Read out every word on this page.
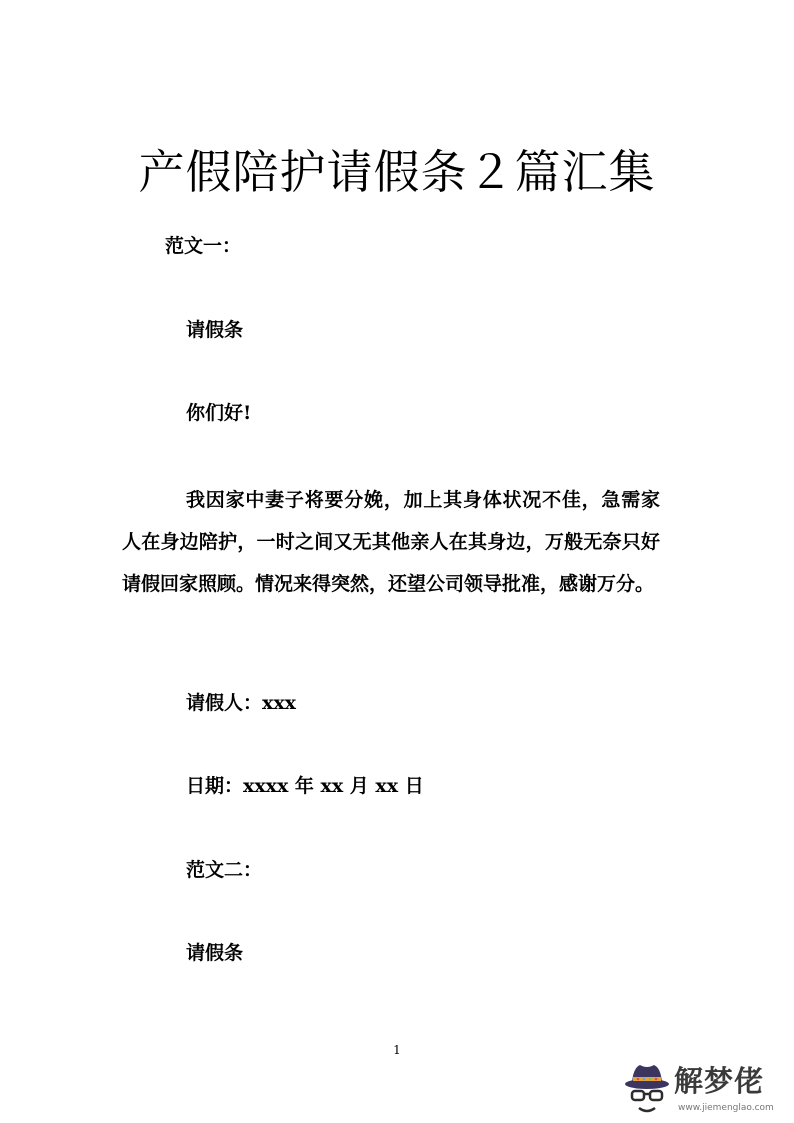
产假陪护请假条２篇汇集

范文一：

请假条

你们好!

我因家中妻子将要分娩，加上其身体状况不佳，急需家人在身边陪护，一时之间又无其他亲人在其身边，万般无奈只好请假回家照顾。情况来得突然，还望公司领导批准，感谢万分。

请假人：xxx

日期：xxxx 年 xx 月 xx 日

范文二：

请假条

1
解梦佬
www.jiemenglao.com
